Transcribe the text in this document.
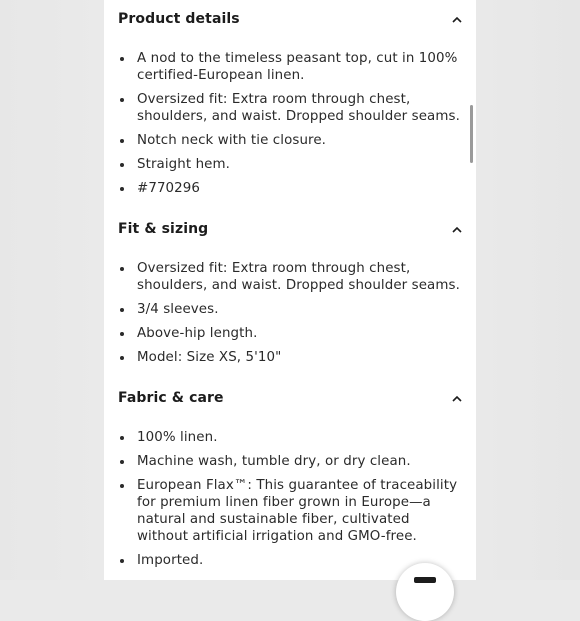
Product details
A nod to the timeless peasant top, cut in 100% certified-European linen.
Oversized fit: Extra room through chest, shoulders, and waist. Dropped shoulder seams.
Notch neck with tie closure.
Straight hem.
#770296
Fit & sizing
Oversized fit: Extra room through chest, shoulders, and waist. Dropped shoulder seams.
3/4 sleeves.
Above-hip length.
Model: Size XS, 5'10"
Fabric & care
100% linen.
Machine wash, tumble dry, or dry clean.
European Flax™: This guarantee of traceability for premium linen fiber grown in Europe—a natural and sustainable fiber, cultivated without artificial irrigation and GMO-free.
Imported.
